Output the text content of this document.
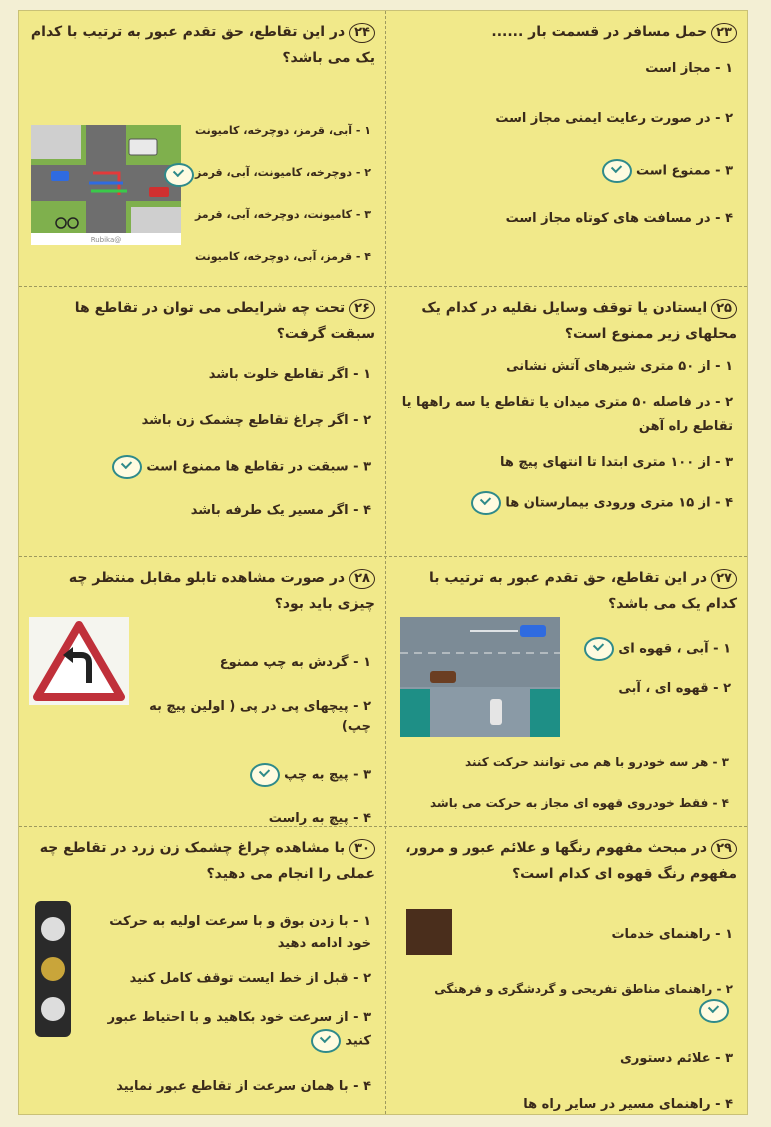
۲۳حمل مسافر در قسمت بار ......
۱ - مجاز است
۲ - در صورت رعایت ایمنی مجاز است
۳ - ممنوع است
۴ - در مسافت های کوتاه مجاز است
۲۴در این تقاطع، حق تقدم عبور به ترتیب با کدام یک می باشد؟
@Rubika
۱ - آبی، قرمز، دوچرخه، کامیونت
۲ - دوچرخه، کامیونت، آبی، قرمز
۳ - کامیونت، دوچرخه، آبی، قرمز
۴ - قرمز، آبی، دوچرخه، کامیونت
۲۵ایستادن یا توقف وسایل نقلیه در کدام یک محلهای زیر ممنوع است؟
۱ - از ۵۰ متری شیرهای آتش نشانی
۲ - در فاصله ۵۰ متری میدان یا تقاطع یا سه راهها یا تقاطع راه آهن
۳ - از ۱۰۰ متری ابتدا تا انتهای پیچ ها
۴ - از ۱۵ متری ورودی بیمارستان ها
۲۶تحت چه شرایطی می توان در تقاطع ها سبقت گرفت؟
۱ - اگر تقاطع خلوت باشد
۲ - اگر چراغ تقاطع چشمک زن باشد
۳ - سبقت در تقاطع ها ممنوع است
۴ - اگر مسیر یک طرفه باشد
۲۷در این تقاطع، حق تقدم عبور به ترتیب با کدام یک می باشد؟
۱ - آبی ، قهوه ای
۲ - قهوه ای ، آبی
۳ - هر سه خودرو با هم می توانند حرکت کنند
۴ - فقط خودروی قهوه ای مجاز به حرکت می باشد
۲۸در صورت مشاهده تابلو مقابل منتظر چه چیزی باید بود؟
۱ - گردش به چپ ممنوع
۲ - پیچهای پی در پی ( اولین پیچ به چپ)
۳ - پیچ به چپ
۴ - پیچ به راست
۲۹در مبحث مفهوم رنگها و علائم عبور و مرور، مفهوم رنگ قهوه ای کدام است؟
۱ - راهنمای خدمات
۲ - راهنمای مناطق تفریحی و گردشگری و فرهنگی
۳ - علائم دستوری
۴ - راهنمای مسیر در سایر راه ها
۳۰با مشاهده چراغ چشمک زن زرد در تقاطع چه عملی را انجام می دهید؟
۱ - با زدن بوق و با سرعت اولیه به حرکت خود ادامه دهید
۲ - قبل از خط ایست توقف کامل کنید
۳ - از سرعت خود بکاهید و با احتیاط عبور کنید
۴ - با همان سرعت از تقاطع عبور نمایید
